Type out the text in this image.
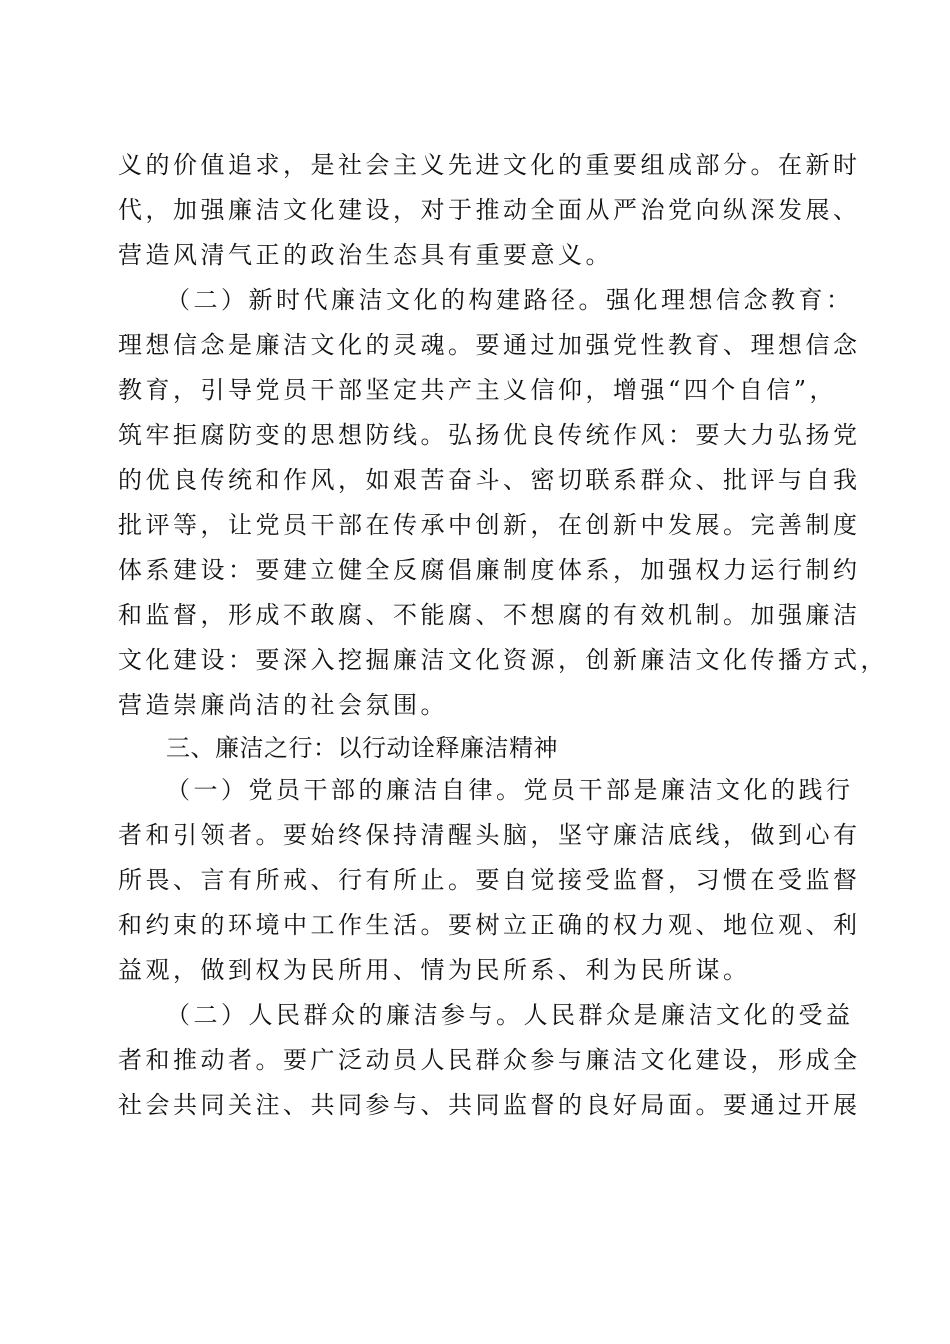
义的价值追求，是社会主义先进文化的重要组成部分。在新时
代，加强廉洁文化建设，对于推动全面从严治党向纵深发展、
营造风清气正的政治生态具有重要意义。
（二）新时代廉洁文化的构建路径。强化理想信念教育：
理想信念是廉洁文化的灵魂。要通过加强党性教育、理想信念
教育，引导党员干部坚定共产主义信仰，增强“四个自信”，
筑牢拒腐防变的思想防线。弘扬优良传统作风：要大力弘扬党
的优良传统和作风，如艰苦奋斗、密切联系群众、批评与自我
批评等，让党员干部在传承中创新，在创新中发展。完善制度
体系建设：要建立健全反腐倡廉制度体系，加强权力运行制约
和监督，形成不敢腐、不能腐、不想腐的有效机制。加强廉洁
文化建设：要深入挖掘廉洁文化资源，创新廉洁文化传播方式，
营造崇廉尚洁的社会氛围。
三、廉洁之行：以行动诠释廉洁精神
（一）党员干部的廉洁自律。党员干部是廉洁文化的践行
者和引领者。要始终保持清醒头脑，坚守廉洁底线，做到心有
所畏、言有所戒、行有所止。要自觉接受监督，习惯在受监督
和约束的环境中工作生活。要树立正确的权力观、地位观、利
益观，做到权为民所用、情为民所系、利为民所谋。
（二）人民群众的廉洁参与。人民群众是廉洁文化的受益
者和推动者。要广泛动员人民群众参与廉洁文化建设，形成全
社会共同关注、共同参与、共同监督的良好局面。要通过开展
